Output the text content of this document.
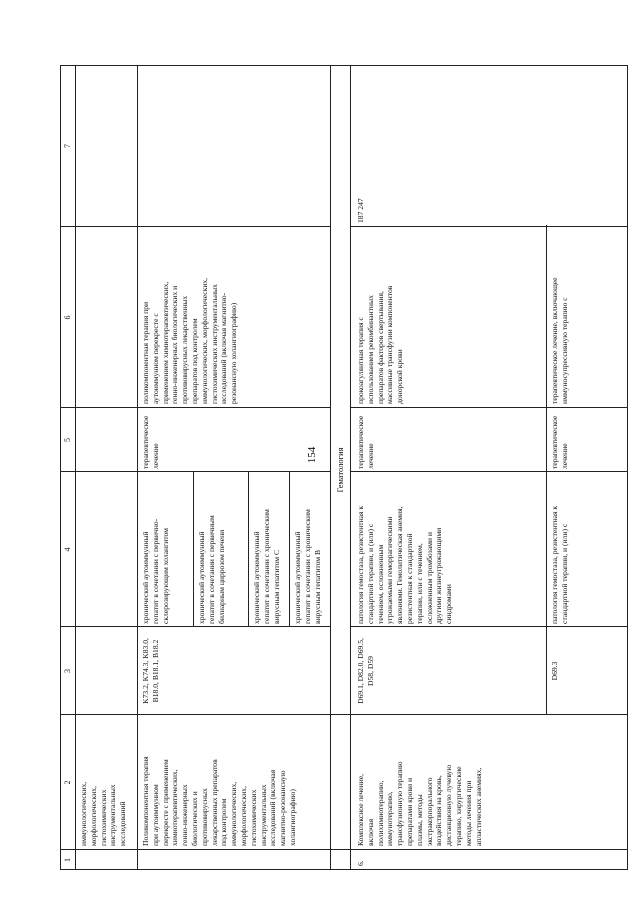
154
1
2
3
4
5
6
7
иммунологических,
морфологических,
гистохимических
инструментальных
исследований Поликомпонентная терапия
при аутоиммунном
перекресте с применением
химиотерапевтических,
генно-инженерных
биологических и
противовирусных
лекарственных препаратов
под контролем
иммунологических,
морфологических,
гистохимических
инструментальных
исследований (включая
магнитно-резонансную
холангиографию)
K73.2, K74.3, K83.0,
B18.0, B18.1, B18.2
хронический аутоиммунный
гепатит в сочетании с первично-
склерозирующим холангитом
хронический аутоиммунный
гепатит в сочетании с первичным
билиарным циррозом печени
хронический аутоиммунный
гепатит в сочетании с хроническим
вирусным гепатитом C
хронический аутоиммунный
гепатит в сочетании с хроническим
вирусным гепатитом B
терапевтическое
лечение
поликомпонентная терапия при
аутоиммунном перекресте с
применением химиотерапевтических,
генно-инженерных биологических и
противовирусных лекарственных
препаратов под контролем
иммунологических, морфологических,
гистохимических инструментальных
исследований (включая магнитно-
резонансную холангиографию)
Гематология
6.
Комплексное лечение,
включая
полихимиотерапию,
иммунотерапию,
трансфузионную терапию
препаратами крови и
плазмы, методы
экстракорпорального
воздействия на кровь,
дистанционную лучевую
терапию, хирургические
методы лечения при
апластических анемиях,
D69.1, D82.0, D69.5,
D58, D59
патология гемостаза, резистентная к
стандартной терапии, и (или) с
течением, осложненным
угрожаемыми геморрагическими
явлениями. Гемолитическая анемия,
резистентная к стандартной
терапии, или с течением,
осложненным тромбозами и
другими жизнеугрожающими
синдромами
терапевтическое
лечение
прокоагулянтная терапия с
использованием рекомбинантных
препаратов факторов свертывания,
массивные трансфузии компонентов
донорской крови
187 247
D69.3
патология гемостаза, резистентная к
стандартной терапии, и (или) с
терапевтическое
лечение
терапевтическое лечение, включающее
иммуносупрессивную терапию с
